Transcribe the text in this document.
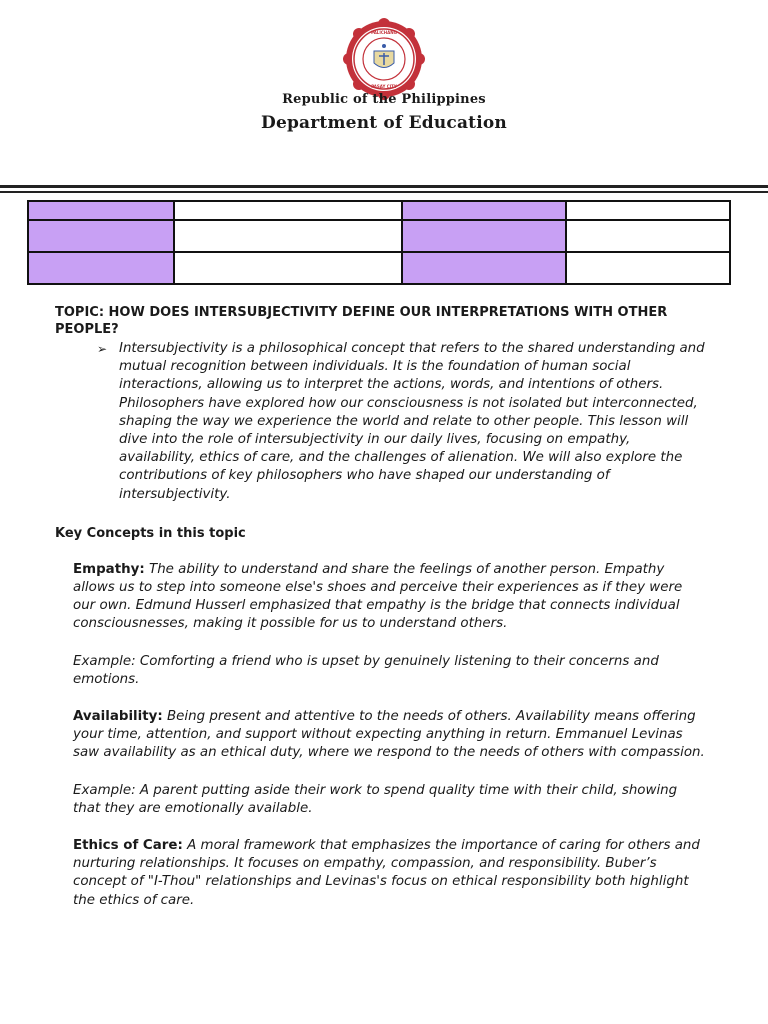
PALICHANG
PASAY CITY
Republic of the Philippines
Department of Education

TOPIC: HOW DOES INTERSUBJECTIVITY DEFINE OUR INTERPRETATIONS WITH OTHER PEOPLE?

➢ Intersubjectivity is a philosophical concept that refers to the shared understanding and mutual recognition between individuals. It is the foundation of human social interactions, allowing us to interpret the actions, words, and intentions of others. Philosophers have explored how our consciousness is not isolated but interconnected, shaping the way we experience the world and relate to other people. This lesson will dive into the role of intersubjectivity in our daily lives, focusing on empathy, availability, ethics of care, and the challenges of alienation. We will also explore the contributions of key philosophers who have shaped our understanding of intersubjectivity.

Key Concepts in this topic

Empathy: The ability to understand and share the feelings of another person. Empathy allows us to step into someone else's shoes and perceive their experiences as if they were our own. Edmund Husserl emphasized that empathy is the bridge that connects individual consciousnesses, making it possible for us to understand others.

Example: Comforting a friend who is upset by genuinely listening to their concerns and emotions.

Availability: Being present and attentive to the needs of others. Availability means offering your time, attention, and support without expecting anything in return. Emmanuel Levinas saw availability as an ethical duty, where we respond to the needs of others with compassion.

Example: A parent putting aside their work to spend quality time with their child, showing that they are emotionally available.

Ethics of Care: A moral framework that emphasizes the importance of caring for others and nurturing relationships. It focuses on empathy, compassion, and responsibility. Buber’s concept of "I-Thou" relationships and Levinas's focus on ethical responsibility both highlight the ethics of care.
